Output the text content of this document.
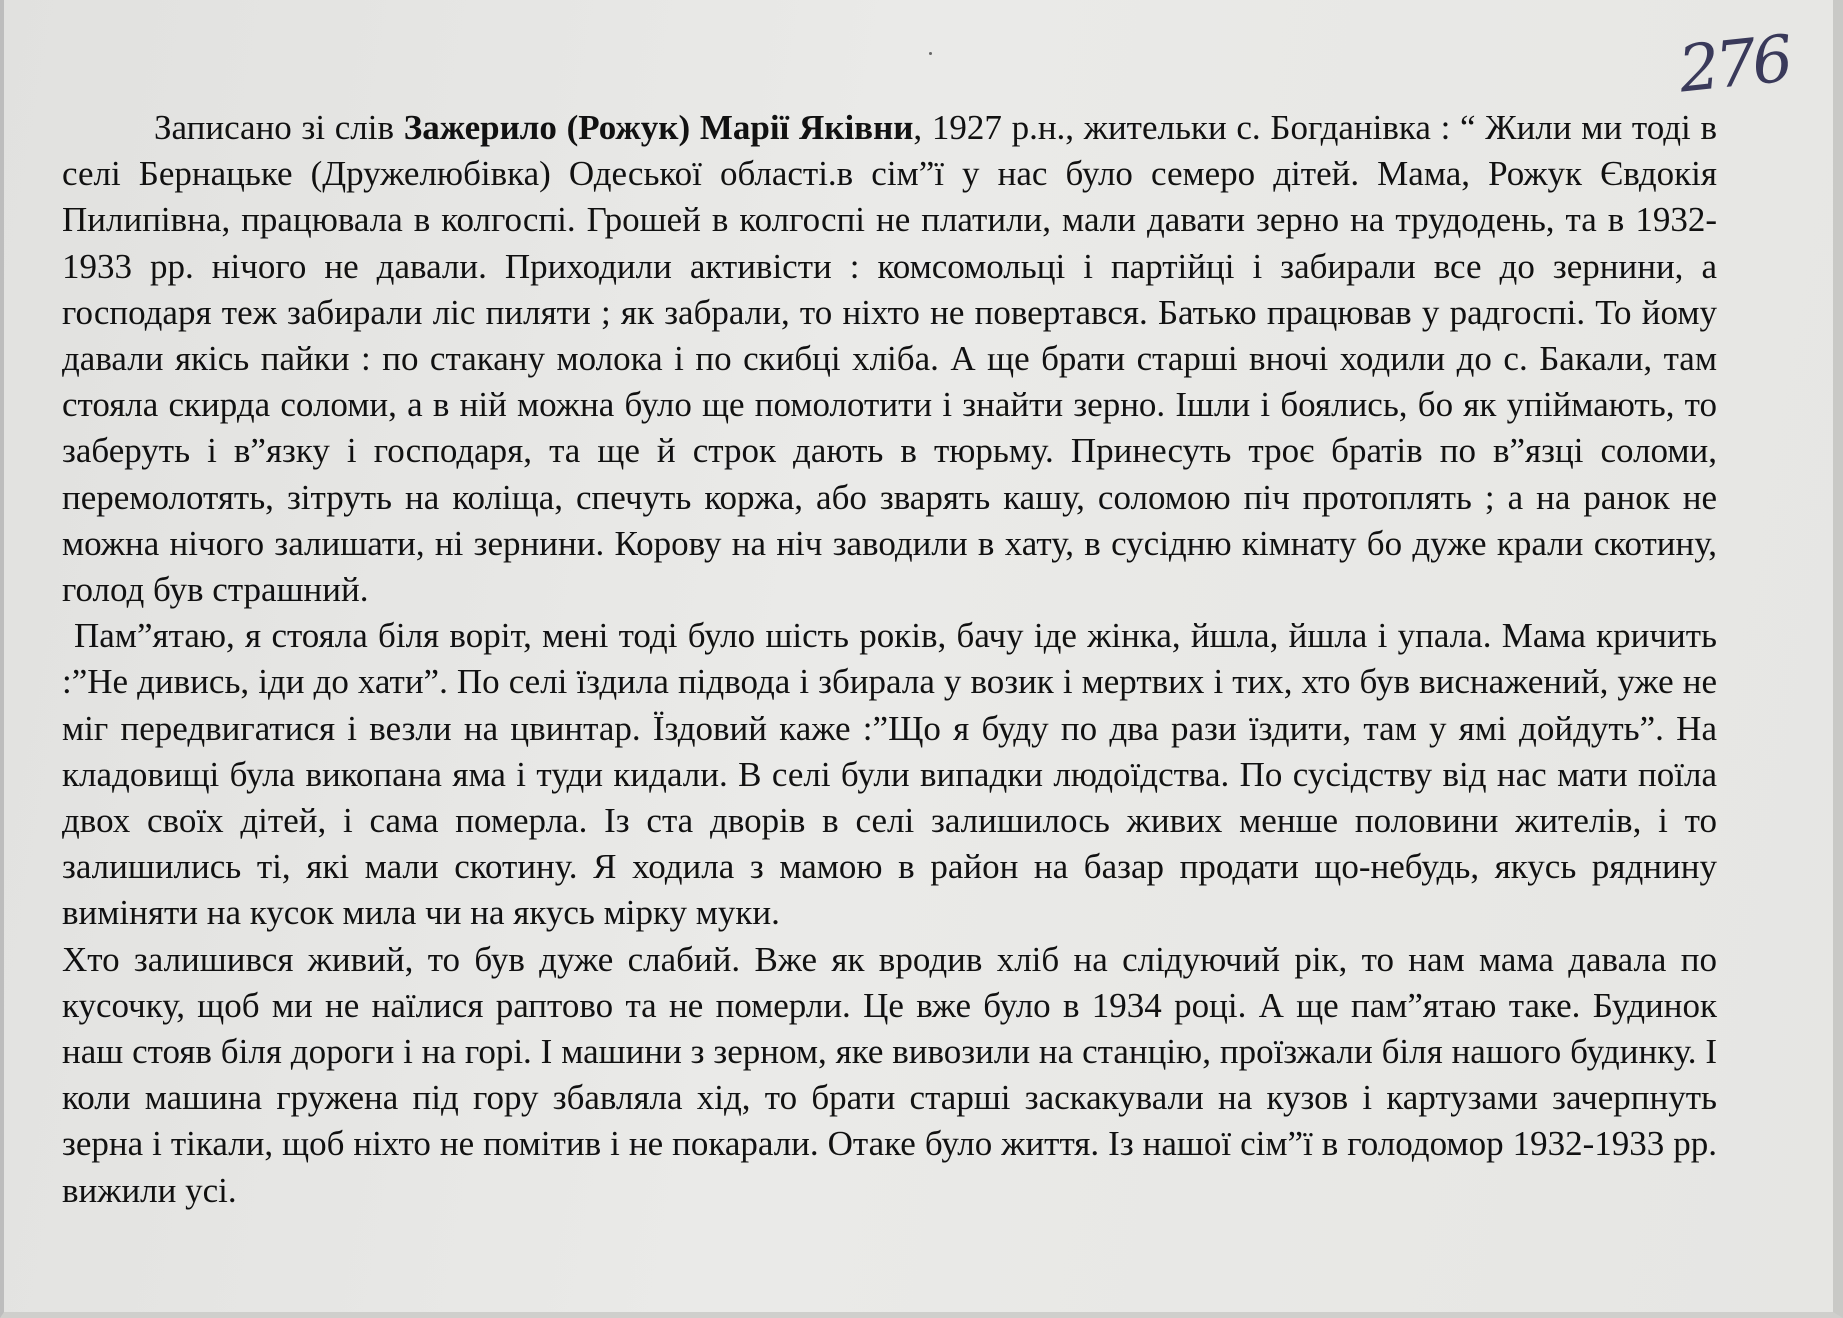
276

Записано зі слів Зажерило (Рожук) Марії Яківни, 1927 р.н., жительки с. Богданівка : “ Жили ми тоді в селі Бернацьке (Дружелюбівка) Одеської області.в сім”ї у нас було семеро дітей. Мама, Рожук Євдокія Пилипівна, працювала в колгоспі. Грошей в колгоспі не платили, мали давати зерно на трудодень, та в 1932-1933 рр. нічого не давали. Приходили активісти : комсомольці і партійці і забирали все до зернини, а господаря теж забирали ліс пиляти ; як забрали, то ніхто не повертався. Батько працював у радгоспі. То йому давали якісь пайки : по стакану молока і по скибці хліба. А ще брати старші вночі ходили до с. Бакали, там стояла скирда соломи, а в ній можна було ще помолотити і знайти зерно. Ішли і боялись, бо як упіймають, то заберуть і в”язку і господаря, та ще й строк дають в тюрьму. Принесуть троє братів по в”язці соломи, перемолотять, зітруть на коліща, спечуть коржа, або зварять кашу, соломою піч протоплять ; а на ранок не можна нічого залишати, ні зернини. Корову на ніч заводили в хату, в сусідню кімнату бо дуже крали скотину, голод був страшний.

Пам”ятаю, я стояла біля воріт, мені тоді було шість років, бачу іде жінка, йшла, йшла і упала. Мама кричить :”Не дивись, іди до хати”. По селі їздила підвода і збирала у возик і мертвих і тих, хто був виснажений, уже не міг передвигатися і везли на цвинтар. Їздовий каже :”Що я буду по два рази їздити, там у ямі дойдуть”. На кладовищі була викопана яма і туди кидали. В селі були випадки людоїдства. По сусідству від нас мати поїла двох своїх дітей, і сама померла. Із ста дворів в селі залишилось живих менше половини жителів, і то залишились ті, які мали скотину. Я ходила з мамою в район на базар продати що-небудь, якусь ряднину виміняти на кусок мила чи на якусь мірку муки.

Хто залишився живий, то був дуже слабий. Вже як вродив хліб на слідуючий рік, то нам мама давала по кусочку, щоб ми не наїлися раптово та не померли. Це вже було в 1934 році. А ще пам”ятаю таке. Будинок наш стояв біля дороги і на горі. І машини з зерном, яке вивозили на станцію, проїзжали біля нашого будинку. І коли машина гружена під гору збавляла хід, то брати старші заскакували на кузов і картузами зачерпнуть зерна і тікали, щоб ніхто не помітив і не покарали. Отаке було життя. Із нашої сім”ї в голодомор 1932-1933 рр. вижили усі.
